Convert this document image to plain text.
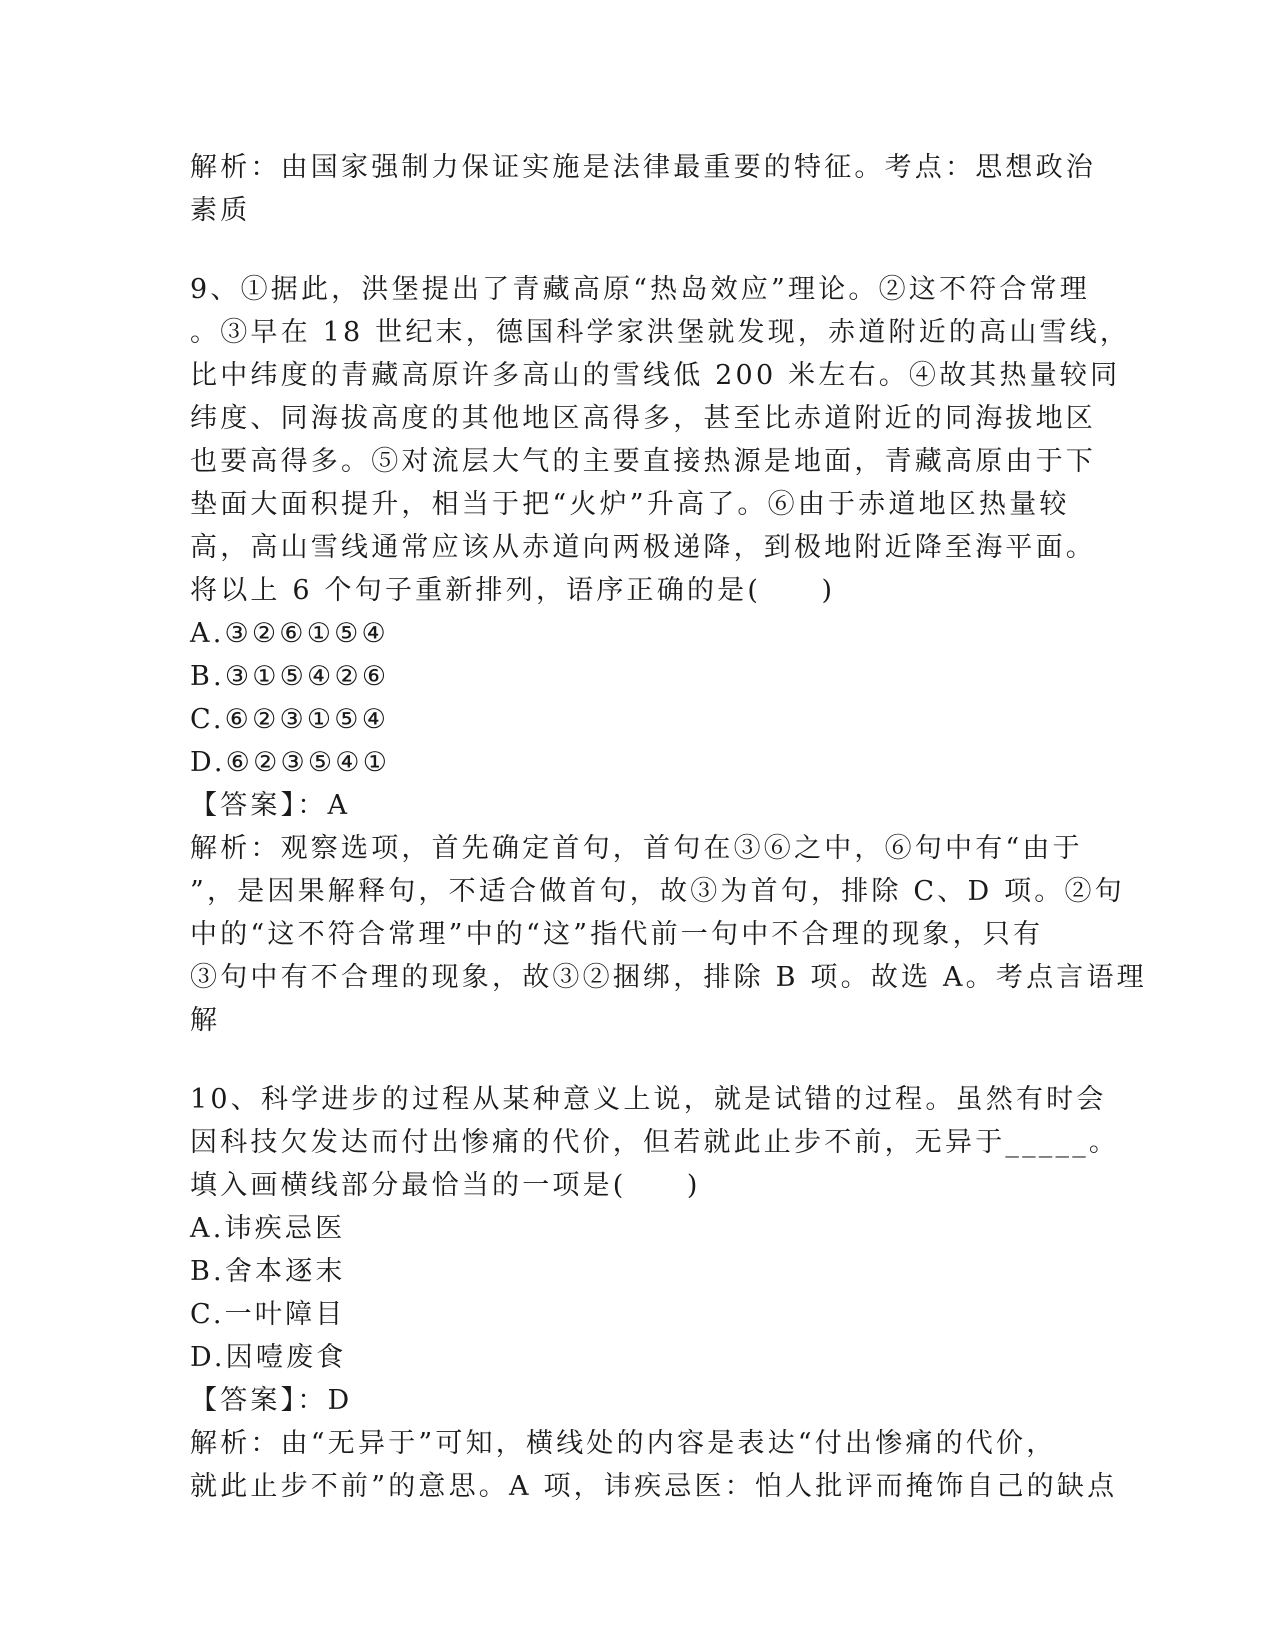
解析：由国家强制力保证实施是法律最重要的特征。考点：思想政治
素质
9、①据此，洪堡提出了青藏高原“热岛效应”理论。②这不符合常理
。③早在 18 世纪末，德国科学家洪堡就发现，赤道附近的高山雪线，
比中纬度的青藏高原许多高山的雪线低 200 米左右。④故其热量较同
纬度、同海拔高度的其他地区高得多，甚至比赤道附近的同海拔地区
也要高得多。⑤对流层大气的主要直接热源是地面，青藏高原由于下
垫面大面积提升，相当于把“火炉”升高了。⑥由于赤道地区热量较
高，高山雪线通常应该从赤道向两极递降，到极地附近降至海平面。
将以上 6 个句子重新排列，语序正确的是(　　)
A.③②⑥①⑤④
B.③①⑤④②⑥
C.⑥②③①⑤④
D.⑥②③⑤④①
【答案】：A
解析：观察选项，首先确定首句，首句在③⑥之中，⑥句中有“由于
”，是因果解释句，不适合做首句，故③为首句，排除 C、D 项。②句
中的“这不符合常理”中的“这”指代前一句中不合理的现象，只有
③句中有不合理的现象，故③②捆绑，排除 B 项。故选 A。考点言语理
解
10、科学进步的过程从某种意义上说，就是试错的过程。虽然有时会
因科技欠发达而付出惨痛的代价，但若就此止步不前，无异于_____。
填入画横线部分最恰当的一项是(　　)
A.讳疾忌医
B.舍本逐末
C.一叶障目
D.因噎废食
【答案】：D
解析：由“无异于”可知，横线处的内容是表达“付出惨痛的代价，
就此止步不前”的意思。A 项，讳疾忌医：怕人批评而掩饰自己的缺点
